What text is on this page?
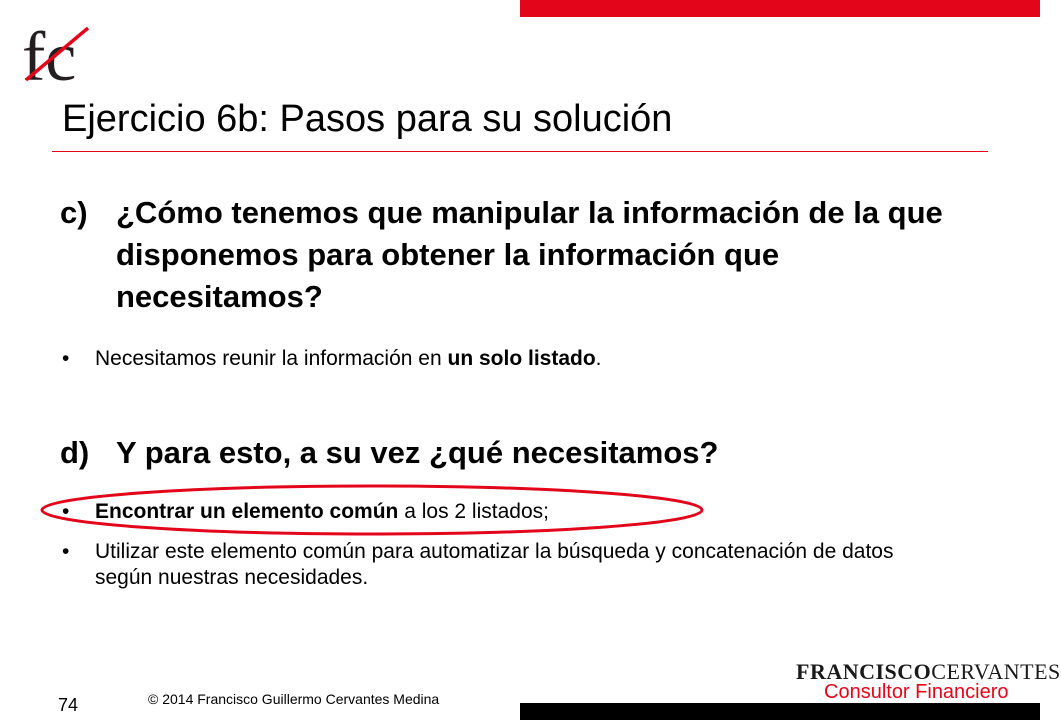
fc
Ejercicio 6b: Pasos para su solución
c) ¿Cómo tenemos que manipular la información de la que disponemos para obtener la información que necesitamos?
•	Necesitamos reunir la información en un solo listado.
d) Y para esto, a su vez ¿qué necesitamos?
•	Encontrar un elemento común a los 2 listados;
•	Utilizar este elemento común para automatizar la búsqueda y concatenación de datos según nuestras necesidades.
74	© 2014 Francisco Guillermo Cervantes Medina
FRANCISCOCERVANTES
Consultor Financiero
